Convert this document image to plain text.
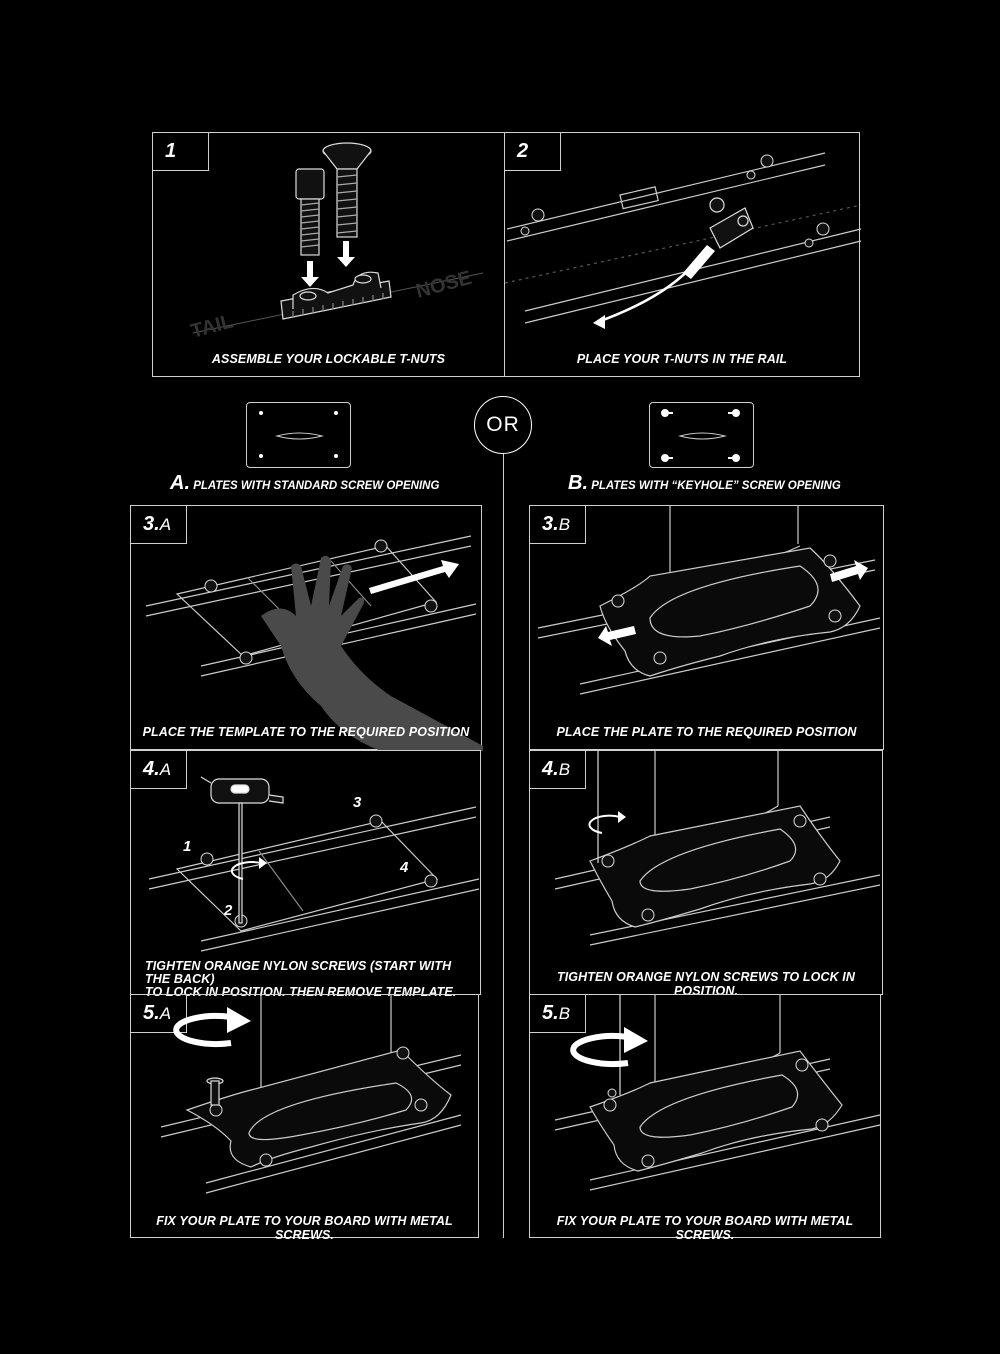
1
TAIL
NOSE
ASSEMBLE YOUR LOCKABLE T-NUTS
2
PLACE YOUR T-NUTS IN THE RAIL
OR
A. PLATES WITH STANDARD SCREW OPENING	B. PLATES WITH “KEYHOLE” SCREW OPENING
3. A
PLACE THE TEMPLATE TO THE REQUIRED POSITION
3. B
PLACE THE PLATE TO THE REQUIRED POSITION
4. A
1
2
3
4
TIGHTEN ORANGE NYLON SCREWS (START WITH THE BACK)
TO LOCK IN POSITION. THEN REMOVE TEMPLATE.
4. B
TIGHTEN ORANGE NYLON SCREWS TO LOCK IN POSITION.
5. A
FIX YOUR PLATE TO YOUR BOARD WITH METAL SCREWS.
5. B
FIX YOUR PLATE TO YOUR BOARD WITH METAL SCREWS.
